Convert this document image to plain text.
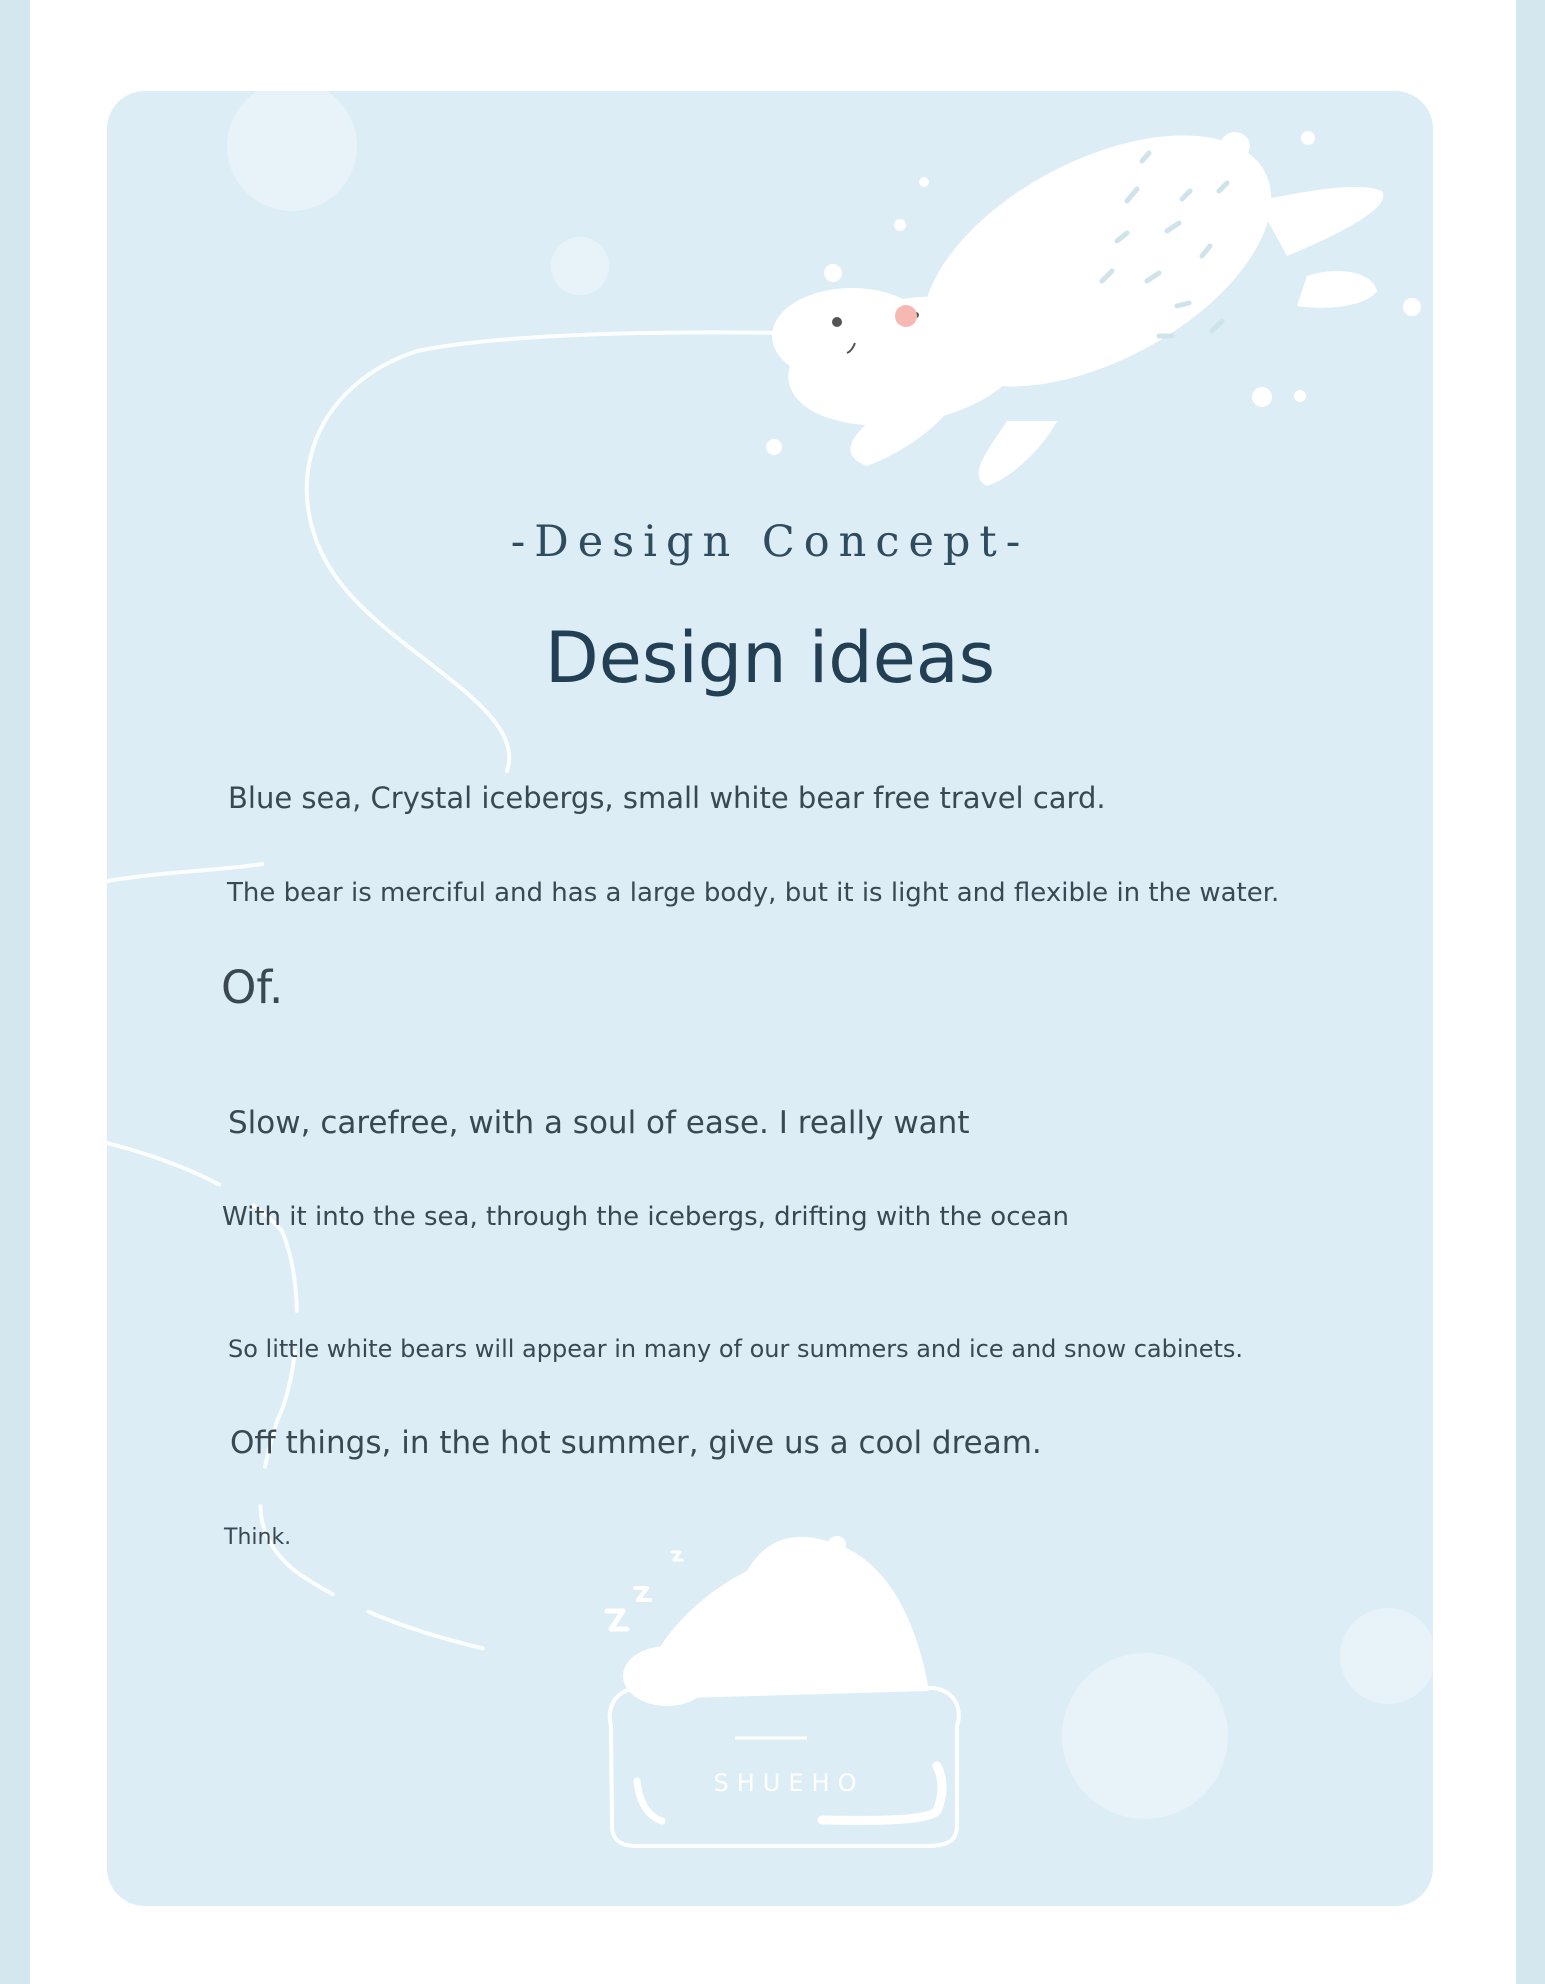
-Design Concept-
Design ideas
Blue sea, Crystal icebergs, small white bear free travel card.
The bear is merciful and has a large body, but it is light and flexible in the water.
Of.
Slow, carefree, with a soul of ease. I really want
With it into the sea, through the icebergs, drifting with the ocean
So little white bears will appear in many of our summers and ice and snow cabinets.
Off things, in the hot summer, give us a cool dream.
Think.
SHUEHO
